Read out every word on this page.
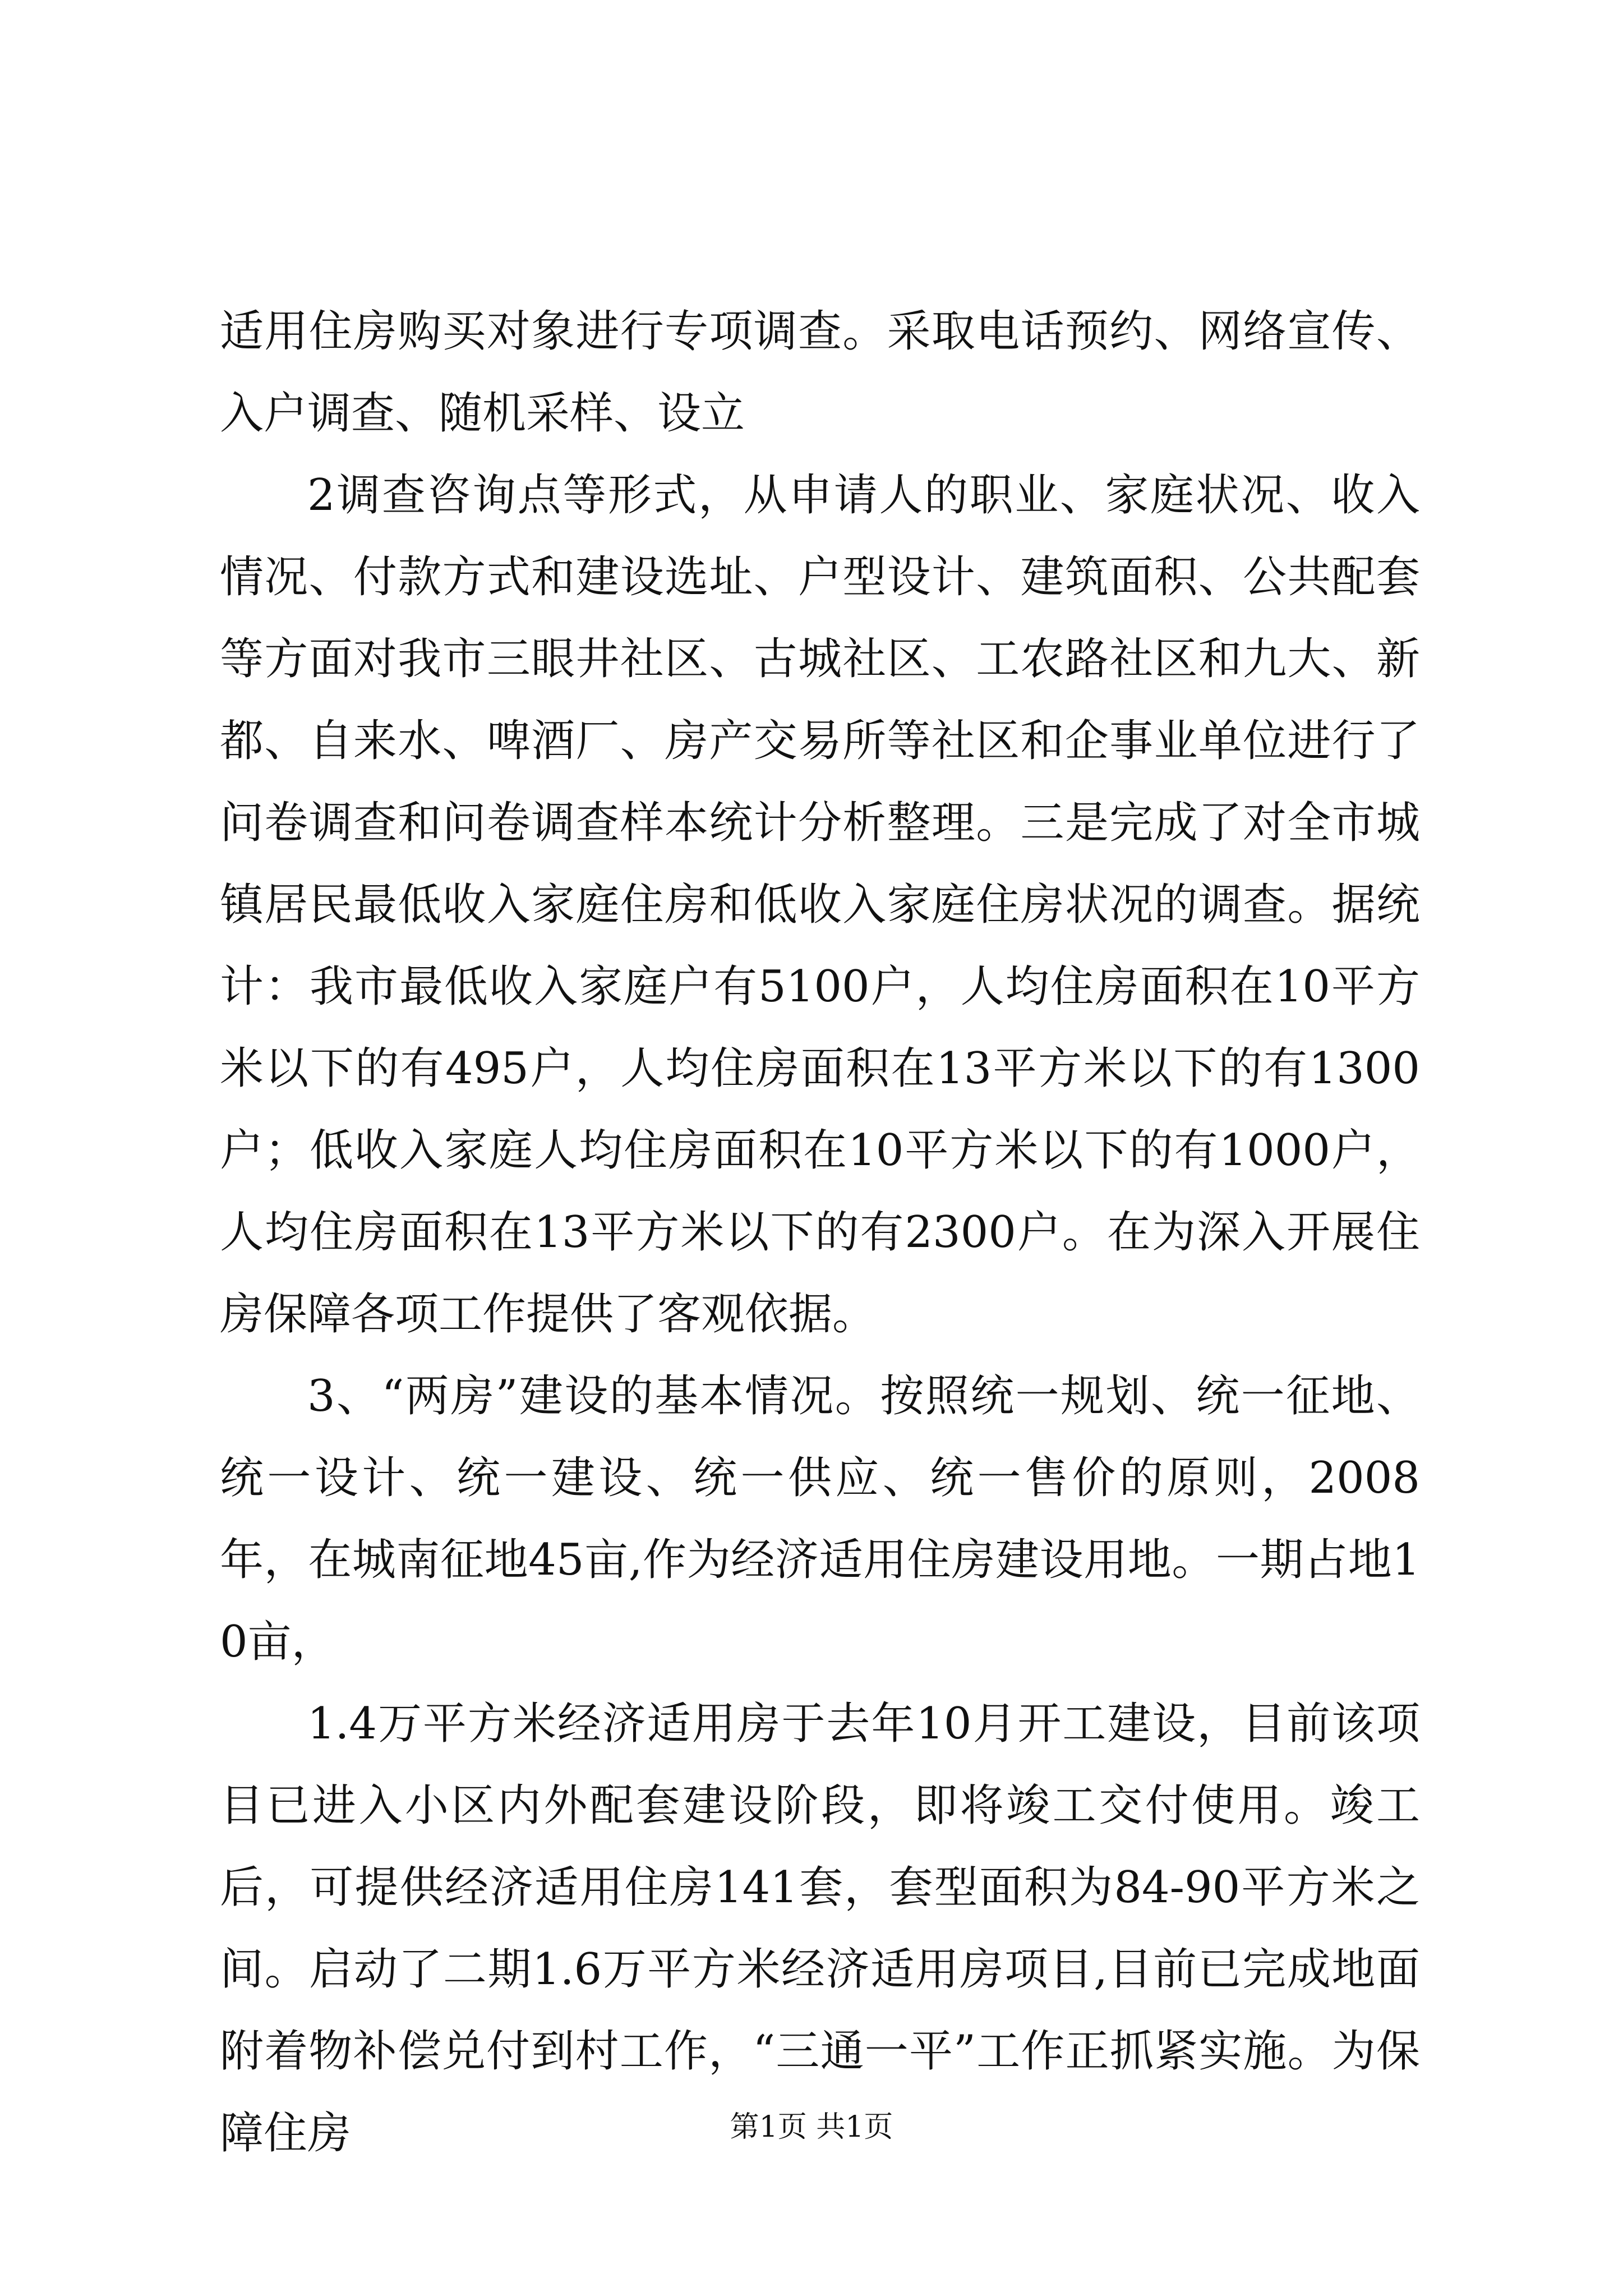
适用住房购买对象进行专项调查。采取电话预约、网络宣传、入户调查、随机采样、设立

2调查咨询点等形式，从申请人的职业、家庭状况、收入情况、付款方式和建设选址、户型设计、建筑面积、公共配套等方面对我市三眼井社区、古城社区、工农路社区和九大、新都、自来水、啤酒厂、房产交易所等社区和企事业单位进行了问卷调查和问卷调查样本统计分析整理。三是完成了对全市城镇居民最低收入家庭住房和低收入家庭住房状况的调查。据统计：我市最低收入家庭户有5100户，人均住房面积在10平方米以下的有495户，人均住房面积在13平方米以下的有1300户；低收入家庭人均住房面积在10平方米以下的有1000户，人均住房面积在13平方米以下的有2300户。在为深入开展住房保障各项工作提供了客观依据。

3、“两房”建设的基本情况。按照统一规划、统一征地、统一设计、统一建设、统一供应、统一售价的原则，2008年，在城南征地45亩,作为经济适用住房建设用地。一期占地10亩，

1.4万平方米经济适用房于去年10月开工建设，目前该项目已进入小区内外配套建设阶段，即将竣工交付使用。竣工后，可提供经济适用住房141套，套型面积为84-90平方米之间。启动了二期1.6万平方米经济适用房项目,目前已完成地面附着物补偿兑付到村工作，“三通一平”工作正抓紧实施。为保障住房	第1页 共1页
